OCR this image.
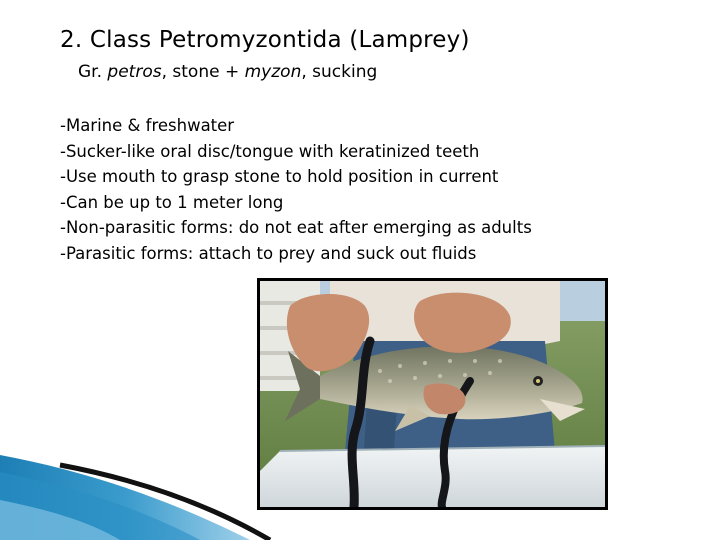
2. Class Petromyzontida (Lamprey)
Gr. petros, stone + myzon, sucking
-Marine & freshwater
-Sucker-like oral disc/tongue with keratinized teeth
-Use mouth to grasp stone to hold position in current
-Can be up to 1 meter long
-Non-parasitic forms: do not eat after emerging as adults
-Parasitic forms: attach to prey and suck out fluids
